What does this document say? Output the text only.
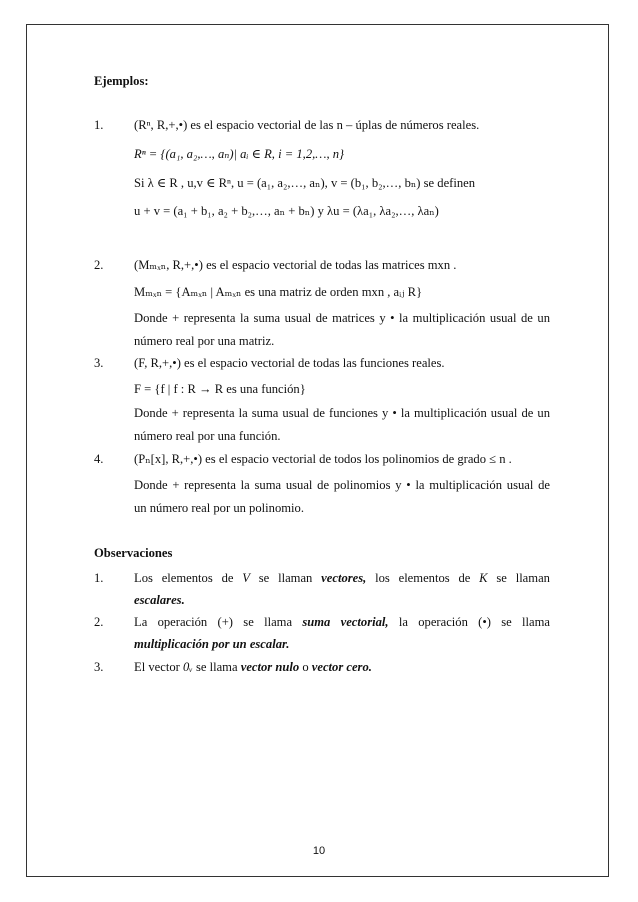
Ejemplos:
1. (Rⁿ, R,+,•) es el espacio vectorial de las n – úplas de números reales.
Rⁿ = {(a₁, a₂,…, aₙ)| aᵢ ∈ R, i = 1,2,…, n}
Si λ ∈ R , u,v ∈ Rⁿ, u = (a₁, a₂,…, aₙ), v = (b₁, b₂,…, bₙ) se definen
u + v = (a₁ + b₁, a₂ + b₂,…, aₙ + bₙ) y λu = (λa₁, λa₂,…, λaₙ)
2. (Mₘₓₙ, R,+,•) es el espacio vectorial de todas las matrices mxn .
Mₘₓₙ = {Aₘₓₙ | Aₘₓₙ es una matriz de orden mxn , aᵢⱼ R}
Donde + representa la suma usual de matrices y • la multiplicación usual de un
número real por una matriz.
3. (F, R,+,•) es el espacio vectorial de todas las funciones reales.
F = {f | f : R → R es una función}
Donde + representa la suma usual de funciones y • la multiplicación usual de un
número real por una función.
4. (Pₙ[x], R,+,•) es el espacio vectorial de todos los polinomios de grado ≤ n .
Donde + representa la suma usual de polinomios y • la multiplicación usual de
un número real por un polinomio.
Observaciones
1. Los elementos de V se llaman vectores, los elementos de K se llaman
escalares.
2. La operación (+) se llama suma vectorial, la operación (•) se llama
multiplicación por un escalar.
3. El vector 0ᵥ se llama vector nulo o vector cero.
10
